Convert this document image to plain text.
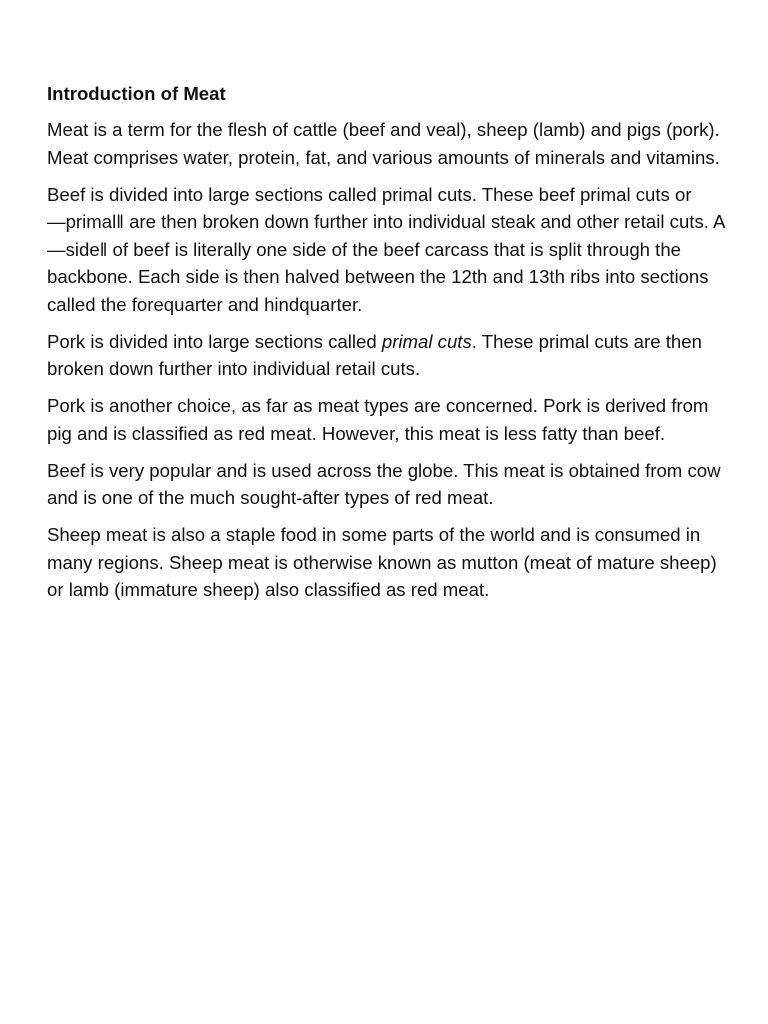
Introduction of Meat

Meat is a term for the flesh of cattle (beef and veal), sheep (lamb) and pigs (pork). Meat comprises water, protein, fat, and various amounts of minerals and vitamins.

Beef is divided into large sections called primal cuts. These beef primal cuts or ―primal‖ are then broken down further into individual steak and other retail cuts. A ―side‖ of beef is literally one side of the beef carcass that is split through the backbone. Each side is then halved between the 12th and 13th ribs into sections called the forequarter and hindquarter.

Pork is divided into large sections called primal cuts. These primal cuts are then broken down further into individual retail cuts.

Pork is another choice, as far as meat types are concerned. Pork is derived from pig and is classified as red meat. However, this meat is less fatty than beef.

Beef is very popular and is used across the globe. This meat is obtained from cow and is one of the much sought-after types of red meat.

Sheep meat is also a staple food in some parts of the world and is consumed in many regions. Sheep meat is otherwise known as mutton (meat of mature sheep) or lamb (immature sheep) also classified as red meat.
